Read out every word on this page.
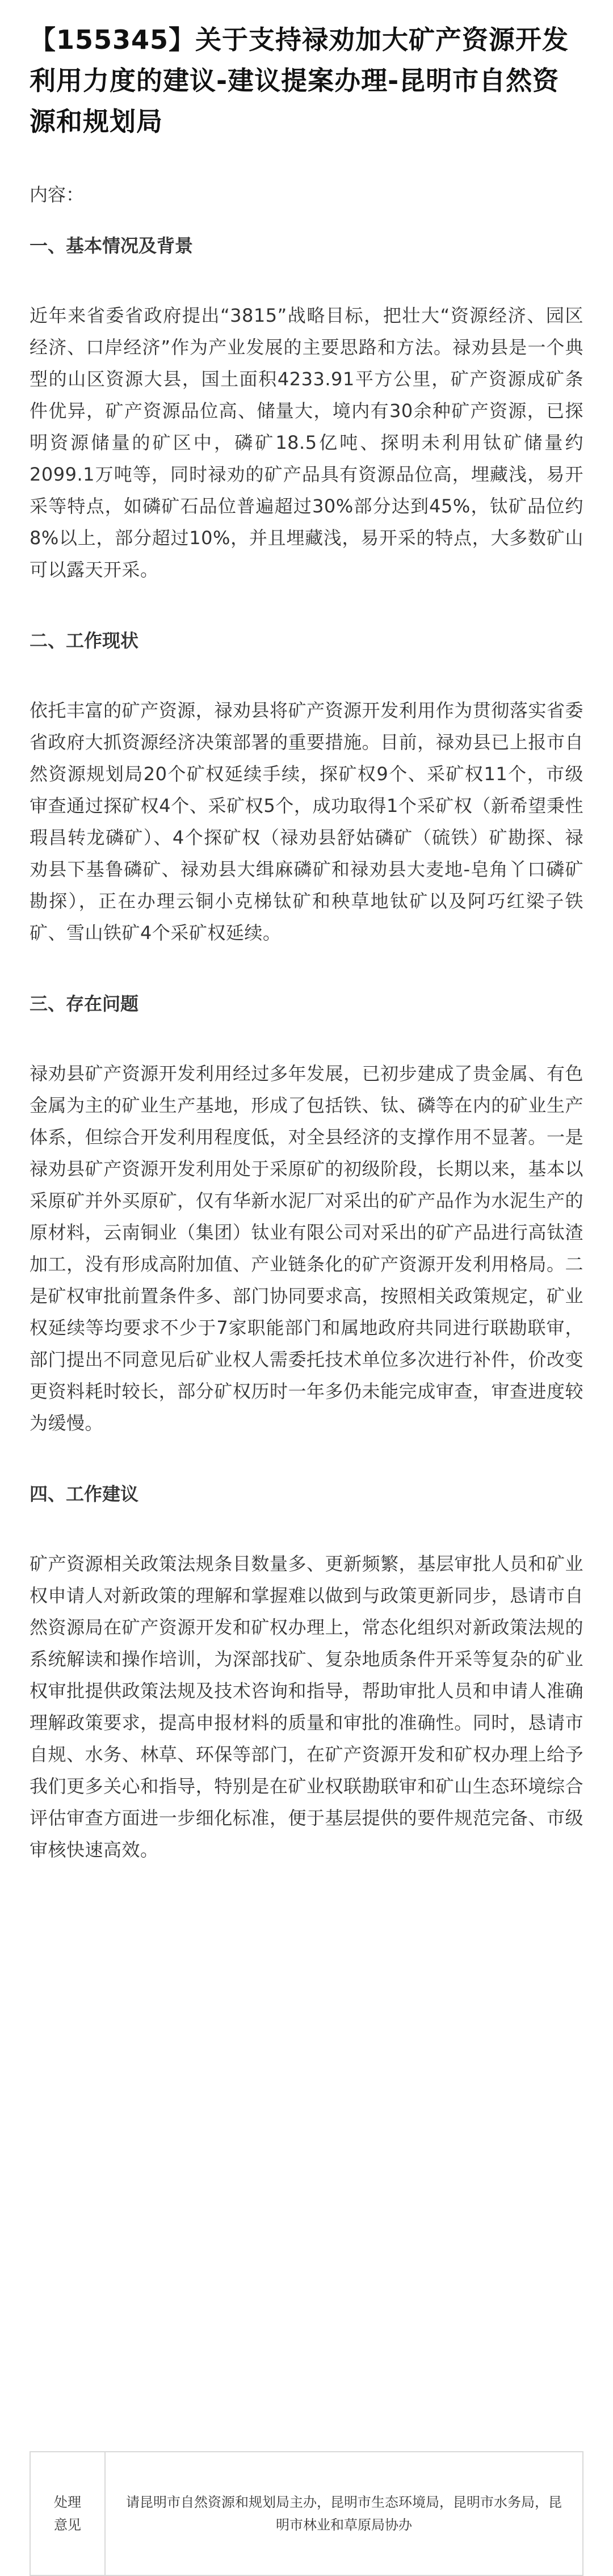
【155345】关于支持禄劝加大矿产资源开发利用力度的建议-建议提案办理-昆明市自然资源和规划局
内容：
一、基本情况及背景

近年来省委省政府提出“3815”战略目标，把壮大“资源经济、园区经济、口岸经济”作为产业发展的主要思路和方法。禄劝县是一个典型的山区资源大县，国土面积4233.91平方公里，矿产资源成矿条件优异，矿产资源品位高、储量大，境内有30余种矿产资源，已探明资源储量的矿区中，磷矿18.5亿吨、探明未利用钛矿储量约2099.1万吨等，同时禄劝的矿产品具有资源品位高，埋藏浅，易开采等特点，如磷矿石品位普遍超过30%部分达到45%，钛矿品位约8%以上，部分超过10%，并且埋藏浅，易开采的特点，大多数矿山可以露天开采。

二、工作现状

依托丰富的矿产资源，禄劝县将矿产资源开发利用作为贯彻落实省委省政府大抓资源经济决策部署的重要措施。目前，禄劝县已上报市自然资源规划局20个矿权延续手续，探矿权9个、采矿权11个，市级审查通过探矿权4个、采矿权5个，成功取得1个采矿权（新希望秉性瑕昌转龙磷矿）、4个探矿权（禄劝县舒姑磷矿（硫铁）矿勘探、禄劝县下基鲁磷矿、禄劝县大缉麻磷矿和禄劝县大麦地-皂角丫口磷矿勘探），正在办理云铜小克梯钛矿和秧草地钛矿以及阿巧红梁子铁矿、雪山铁矿4个采矿权延续。

三、存在问题

禄劝县矿产资源开发利用经过多年发展，已初步建成了贵金属、有色金属为主的矿业生产基地，形成了包括铁、钛、磷等在内的矿业生产体系，但综合开发利用程度低，对全县经济的支撑作用不显著。一是禄劝县矿产资源开发利用处于采原矿的初级阶段，长期以来，基本以采原矿并外买原矿，仅有华新水泥厂对采出的矿产品作为水泥生产的原材料，云南铜业（集团）钛业有限公司对采出的矿产品进行高钛渣加工，没有形成高附加值、产业链条化的矿产资源开发利用格局。二是矿权审批前置条件多、部门协同要求高，按照相关政策规定，矿业权延续等均要求不少于7家职能部门和属地政府共同进行联勘联审，部门提出不同意见后矿业权人需委托技术单位多次进行补件，价改变更资料耗时较长，部分矿权历时一年多仍未能完成审查，审查进度较为缓慢。

四、工作建议

矿产资源相关政策法规条目数量多、更新频繁，基层审批人员和矿业权申请人对新政策的理解和掌握难以做到与政策更新同步，恳请市自然资源局在矿产资源开发和矿权办理上，常态化组织对新政策法规的系统解读和操作培训，为深部找矿、复杂地质条件开采等复杂的矿业权审批提供政策法规及技术咨询和指导，帮助审批人员和申请人准确理解政策要求，提高申报材料的质量和审批的准确性。同时，恳请市自规、水务、林草、环保等部门，在矿产资源开发和矿权办理上给予我们更多关心和指导，特别是在矿业权联勘联审和矿山生态环境综合评估审查方面进一步细化标准，便于基层提供的要件规范完备、市级审核快速高效。

处理
意见
	请昆明市自然资源和规划局主办，昆明市生态环境局，昆明市水务局，昆明市林业和草原局协办
